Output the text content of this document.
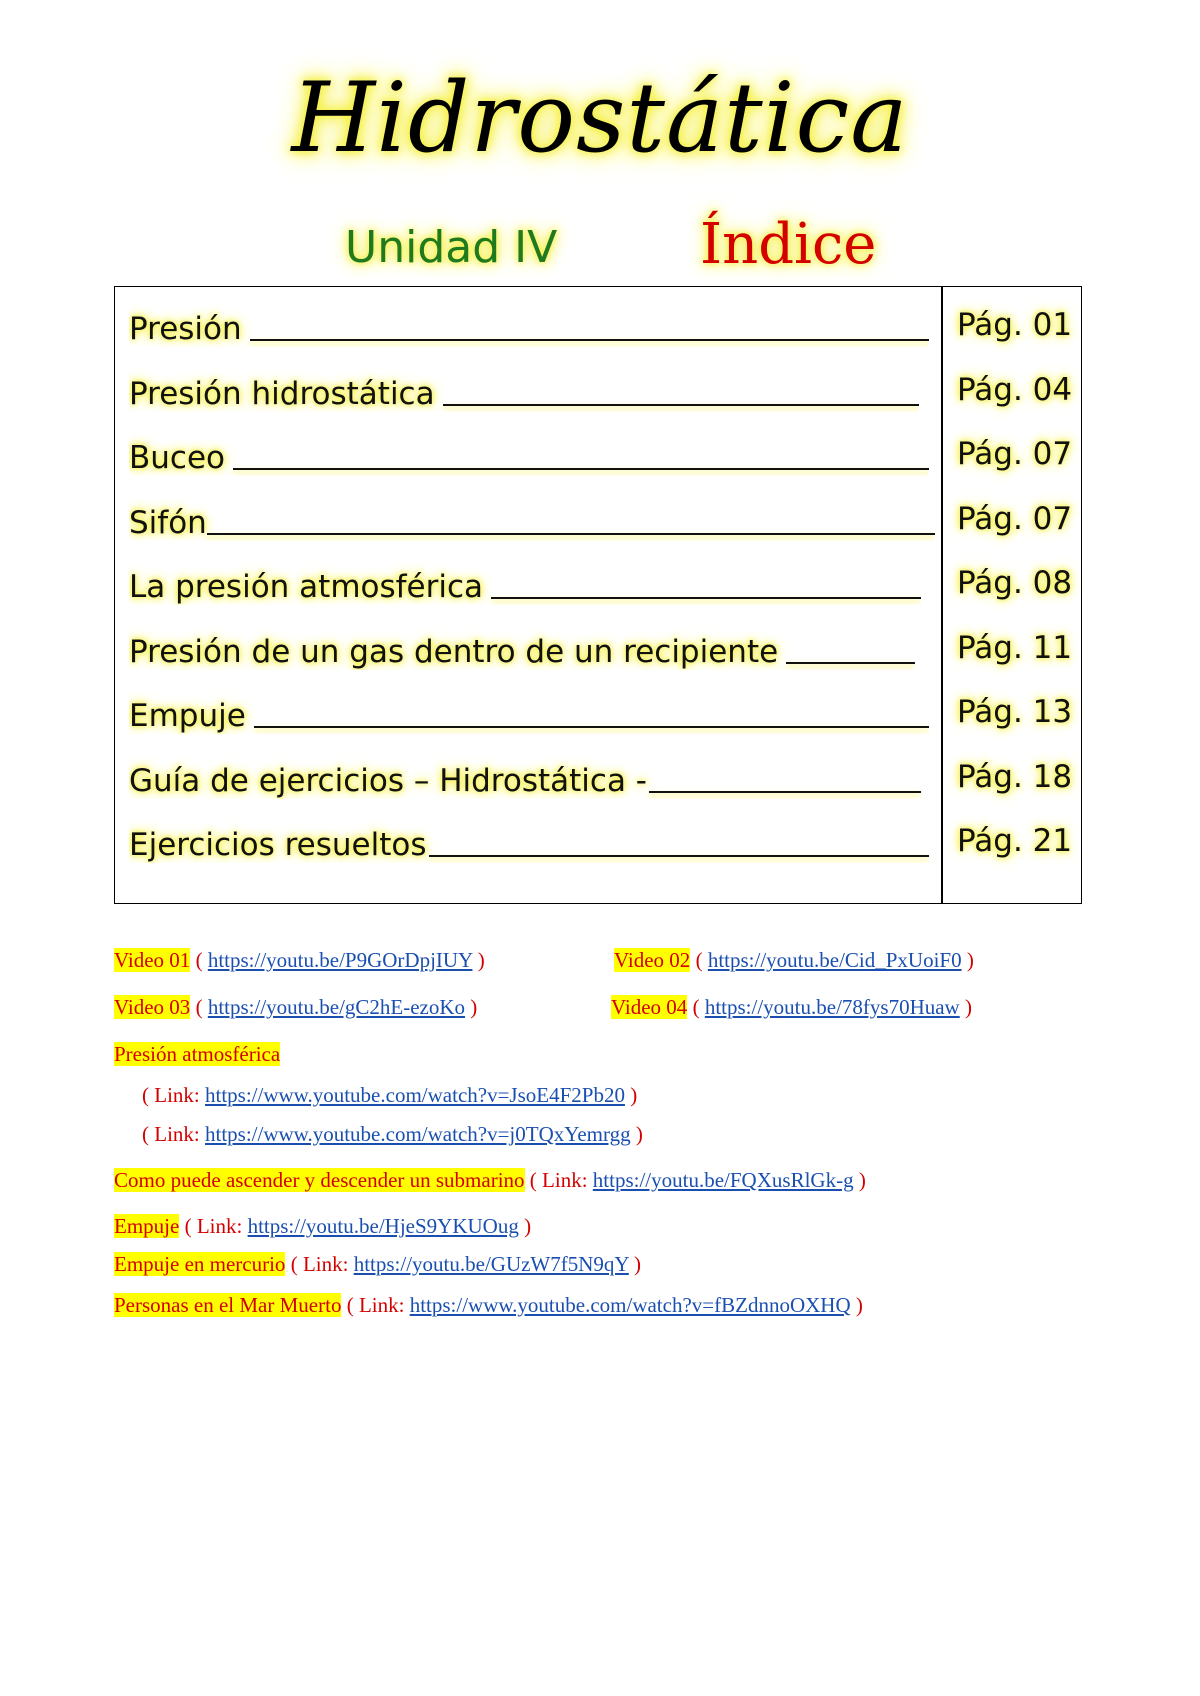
Hidrostática
Unidad IV	Índice
Presión	Pág. 01
Presión hidrostática	Pág. 04
Buceo	Pág. 07
Sifón	Pág. 07
La presión atmosférica	Pág. 08
Presión de un gas dentro de un recipiente	Pág. 11
Empuje	Pág. 13
Guía de ejercicios – Hidrostática -	Pág. 18
Ejercicios resueltos	Pág. 21
Video 01 ( https://youtu.be/P9GOrDpjIUY )	Video 02 ( https://youtu.be/Cid_PxUoiF0 )
Video 03 ( https://youtu.be/gC2hE-ezoKo )	Video 04 ( https://youtu.be/78fys70Huaw )
Presión atmosférica
( Link: https://www.youtube.com/watch?v=JsoE4F2Pb20 )
( Link: https://www.youtube.com/watch?v=j0TQxYemrgg )
Como puede ascender y descender un submarino ( Link: https://youtu.be/FQXusRlGk-g )
Empuje ( Link: https://youtu.be/HjeS9YKUOug )
Empuje en mercurio ( Link: https://youtu.be/GUzW7f5N9qY )
Personas en el Mar Muerto ( Link: https://www.youtube.com/watch?v=fBZdnnoOXHQ )
